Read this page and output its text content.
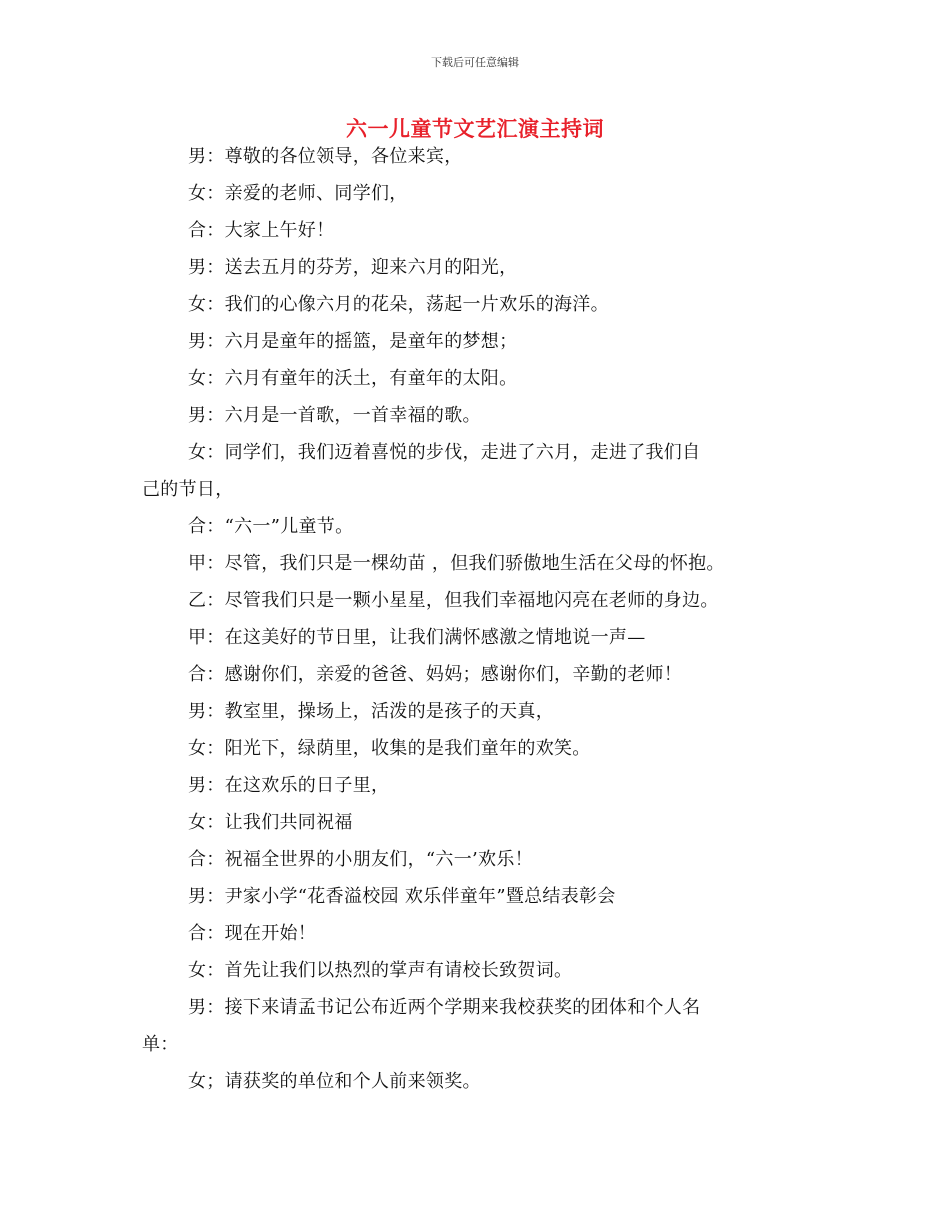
下载后可任意编辑
六一儿童节文艺汇演主持词

男：尊敬的各位领导，各位来宾，

女：亲爱的老师、同学们，

合：大家上午好！

男：送去五月的芬芳，迎来六月的阳光，

女：我们的心像六月的花朵，荡起一片欢乐的海洋。

男：六月是童年的摇篮，是童年的梦想；

女：六月有童年的沃土，有童年的太阳。

男：六月是一首歌，一首幸福的歌。

女：同学们，我们迈着喜悦的步伐，走进了六月，走进了我们自

己的节日，

合：“六一”儿童节。

甲：尽管，我们只是一棵幼苗 ，但我们骄傲地生活在父母的怀抱。

乙：尽管我们只是一颗小星星，但我们幸福地闪亮在老师的身边。

甲：在这美好的节日里，让我们满怀感激之情地说一声—

合：感谢你们，亲爱的爸爸、妈妈；感谢你们，辛勤的老师！

男：教室里，操场上，活泼的是孩子的天真，

女：阳光下，绿荫里，收集的是我们童年的欢笑。

男：在这欢乐的日子里，

女：让我们共同祝福

合：祝福全世界的小朋友们，“六一’欢乐！

男：尹家小学“花香溢校园 欢乐伴童年”暨总结表彰会

合：现在开始！

女：首先让我们以热烈的掌声有请校长致贺词。

男：接下来请孟书记公布近两个学期来我校获奖的团体和个人名

单：

女；请获奖的单位和个人前来领奖。
